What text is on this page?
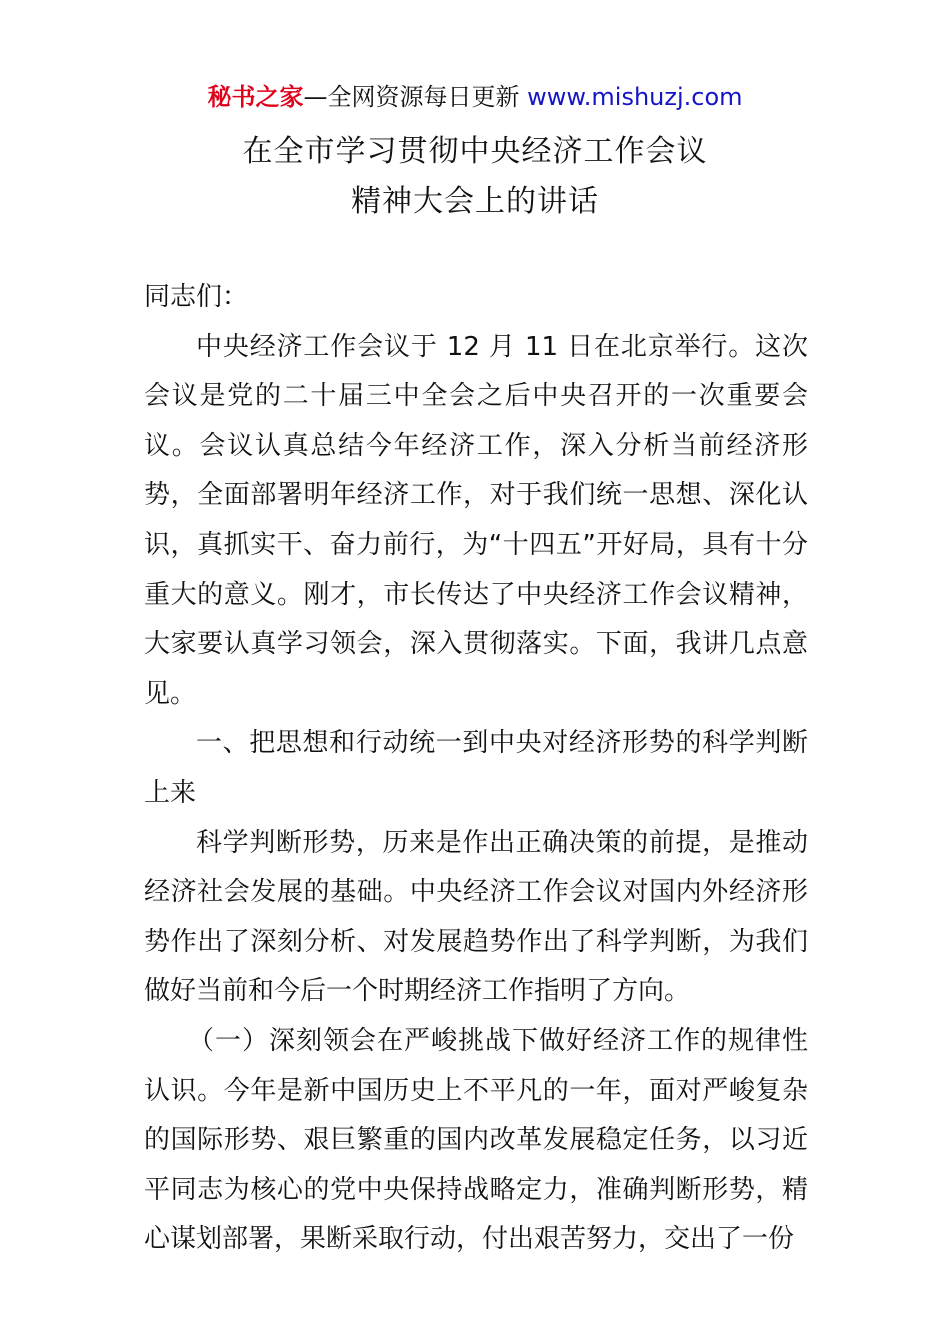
秘书之家—全网资源每日更新 www.mishuzj.com
在全市学习贯彻中央经济工作会议
精神大会上的讲话

同志们：

中央经济工作会议于 12 月 11 日在北京举行。这次会议是党的二十届三中全会之后中央召开的一次重要会议。会议认真总结今年经济工作，深入分析当前经济形势，全面部署明年经济工作，对于我们统一思想、深化认识，真抓实干、奋力前行，为“十四五”开好局，具有十分重大的意义。刚才，市长传达了中央经济工作会议精神，大家要认真学习领会，深入贯彻落实。下面，我讲几点意见。

一、把思想和行动统一到中央对经济形势的科学判断上来

科学判断形势，历来是作出正确决策的前提，是推动经济社会发展的基础。中央经济工作会议对国内外经济形势作出了深刻分析、对发展趋势作出了科学判断，为我们做好当前和今后一个时期经济工作指明了方向。

（一）深刻领会在严峻挑战下做好经济工作的规律性认识。今年是新中国历史上不平凡的一年，面对严峻复杂的国际形势、艰巨繁重的国内改革发展稳定任务，以习近平同志为核心的党中央保持战略定力，准确判断形势，精心谋划部署，果断采取行动，付出艰苦努力，交出了一份
